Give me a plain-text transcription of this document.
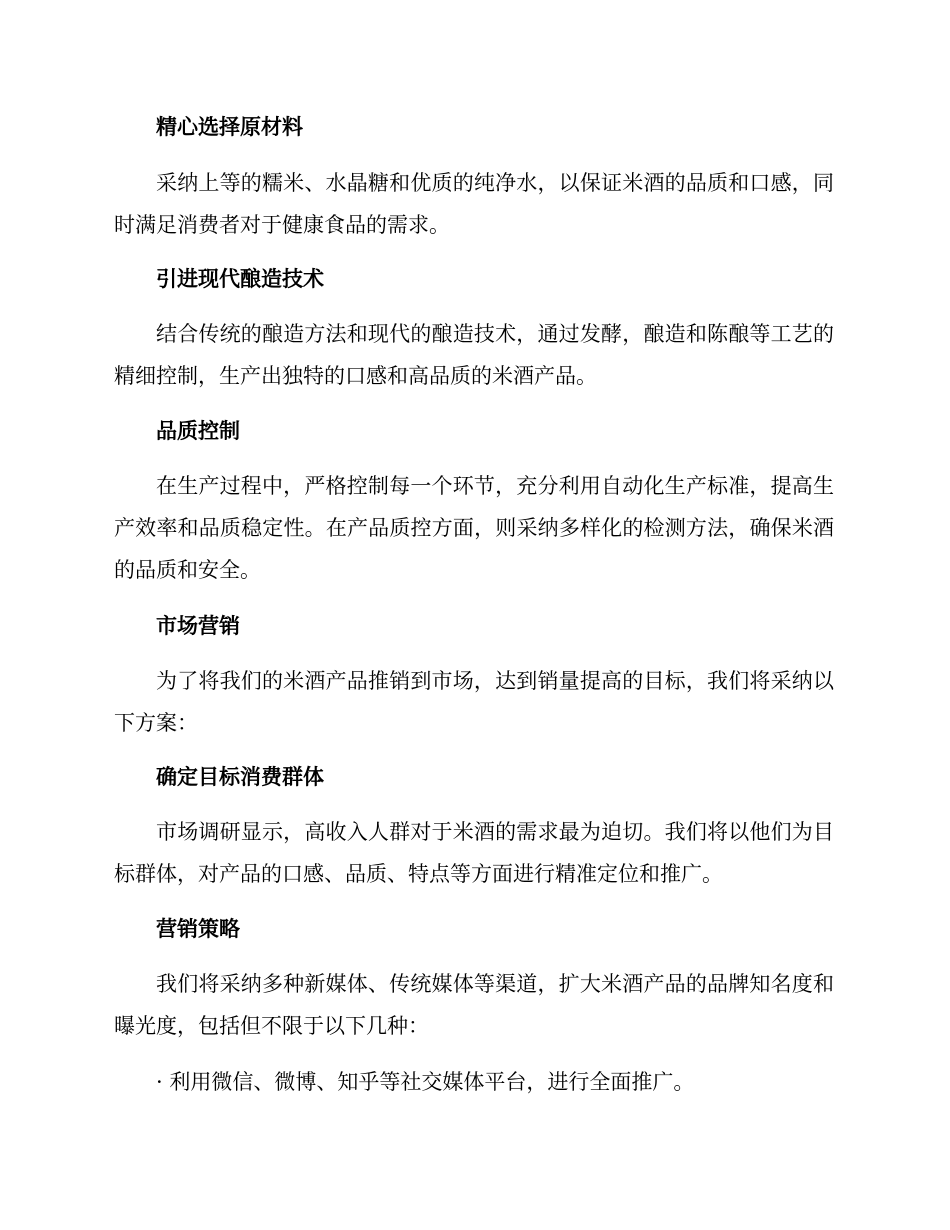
精心选择原材料
采纳上等的糯米、水晶糖和优质的纯净水，以保证米酒的品质和口感，同时满足消费者对于健康食品的需求。
引进现代酿造技术
结合传统的酿造方法和现代的酿造技术，通过发酵，酿造和陈酿等工艺的精细控制，生产出独特的口感和高品质的米酒产品。
品质控制
在生产过程中，严格控制每一个环节，充分利用自动化生产标准，提高生产效率和品质稳定性。在产品质控方面，则采纳多样化的检测方法，确保米酒的品质和安全。
市场营销
为了将我们的米酒产品推销到市场，达到销量提高的目标，我们将采纳以下方案：
确定目标消费群体
市场调研显示，高收入人群对于米酒的需求最为迫切。我们将以他们为目标群体，对产品的口感、品质、特点等方面进行精准定位和推广。
营销策略
我们将采纳多种新媒体、传统媒体等渠道，扩大米酒产品的品牌知名度和曝光度，包括但不限于以下几种：
· 利用微信、微博、知乎等社交媒体平台，进行全面推广。
